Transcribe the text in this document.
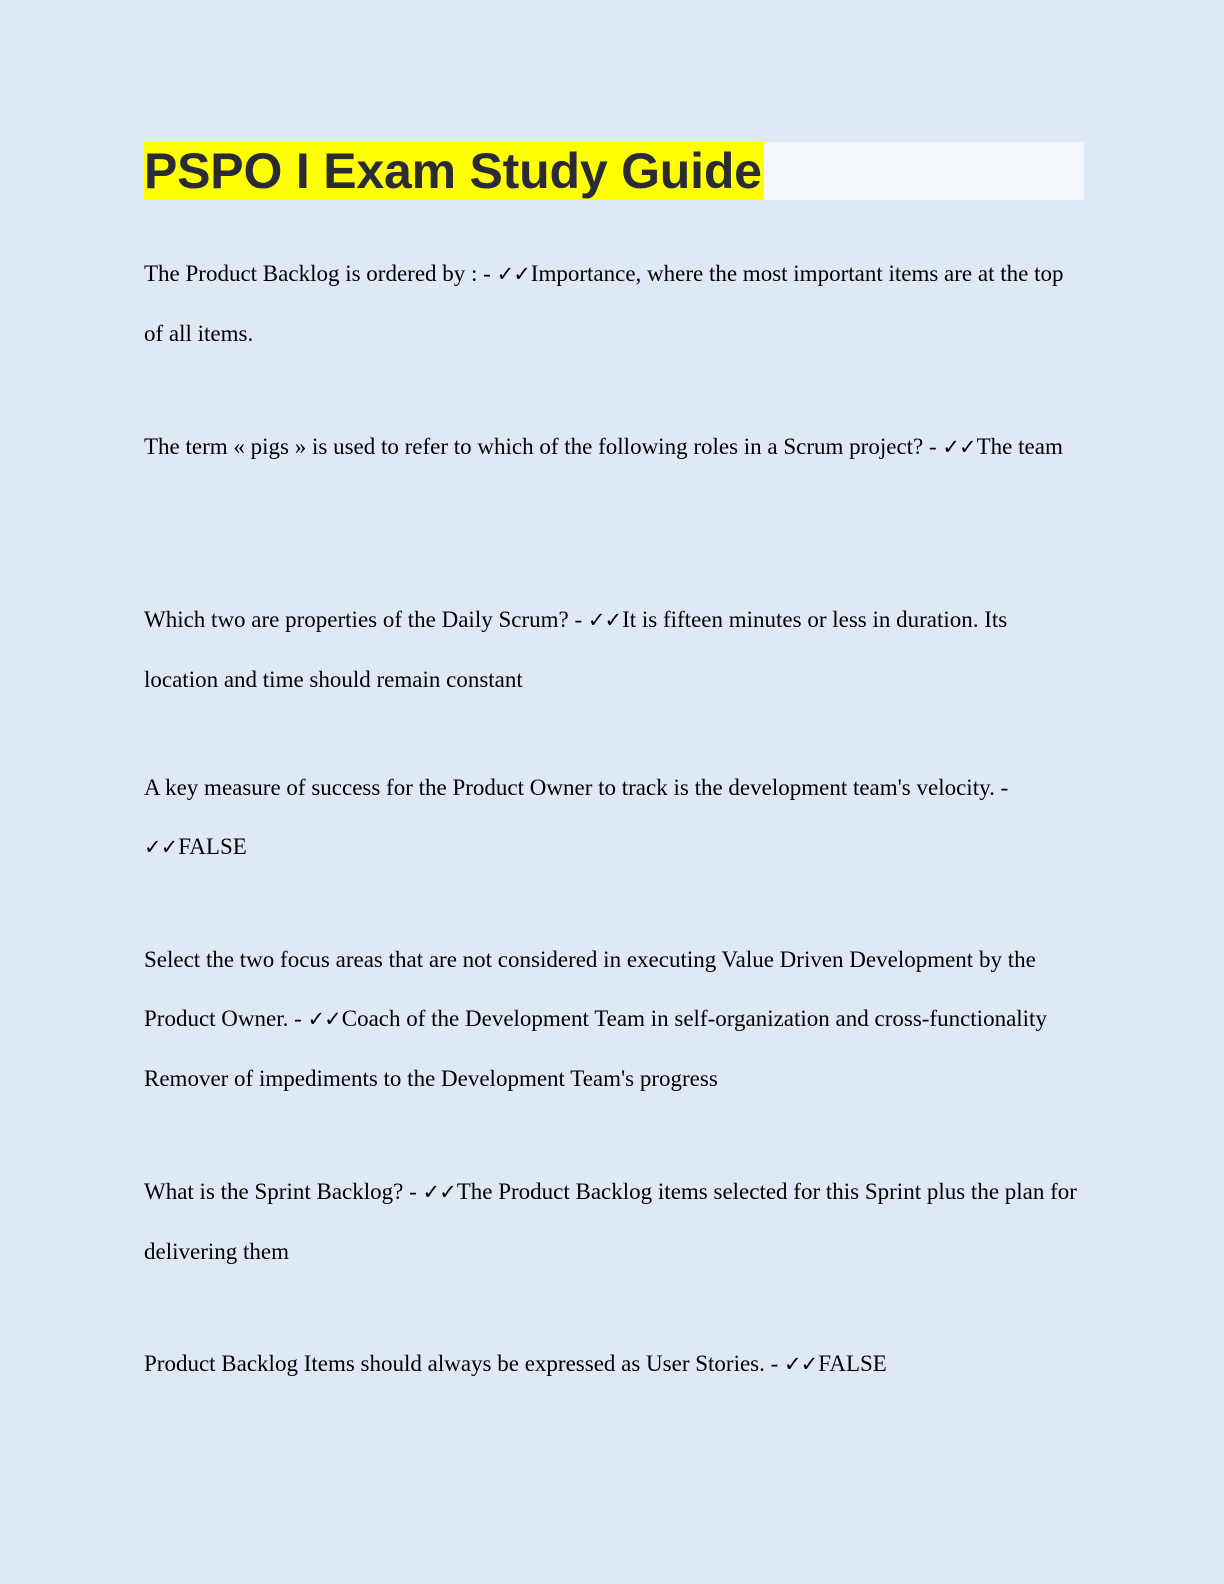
PSPO I Exam Study Guide

The Product Backlog is ordered by : - ✓✓Importance, where the most important items are at the top of all items.

The term « pigs » is used to refer to which of the following roles in a Scrum project? - ✓✓The team

Which two are properties of the Daily Scrum? - ✓✓It is fifteen minutes or less in duration. Its location and time should remain constant

A key measure of success for the Product Owner to track is the development team's velocity. - ✓✓FALSE

Select the two focus areas that are not considered in executing Value Driven Development by the Product Owner. - ✓✓Coach of the Development Team in self-organization and cross-functionality Remover of impediments to the Development Team's progress

What is the Sprint Backlog? - ✓✓The Product Backlog items selected for this Sprint plus the plan for delivering them

Product Backlog Items should always be expressed as User Stories. - ✓✓FALSE
